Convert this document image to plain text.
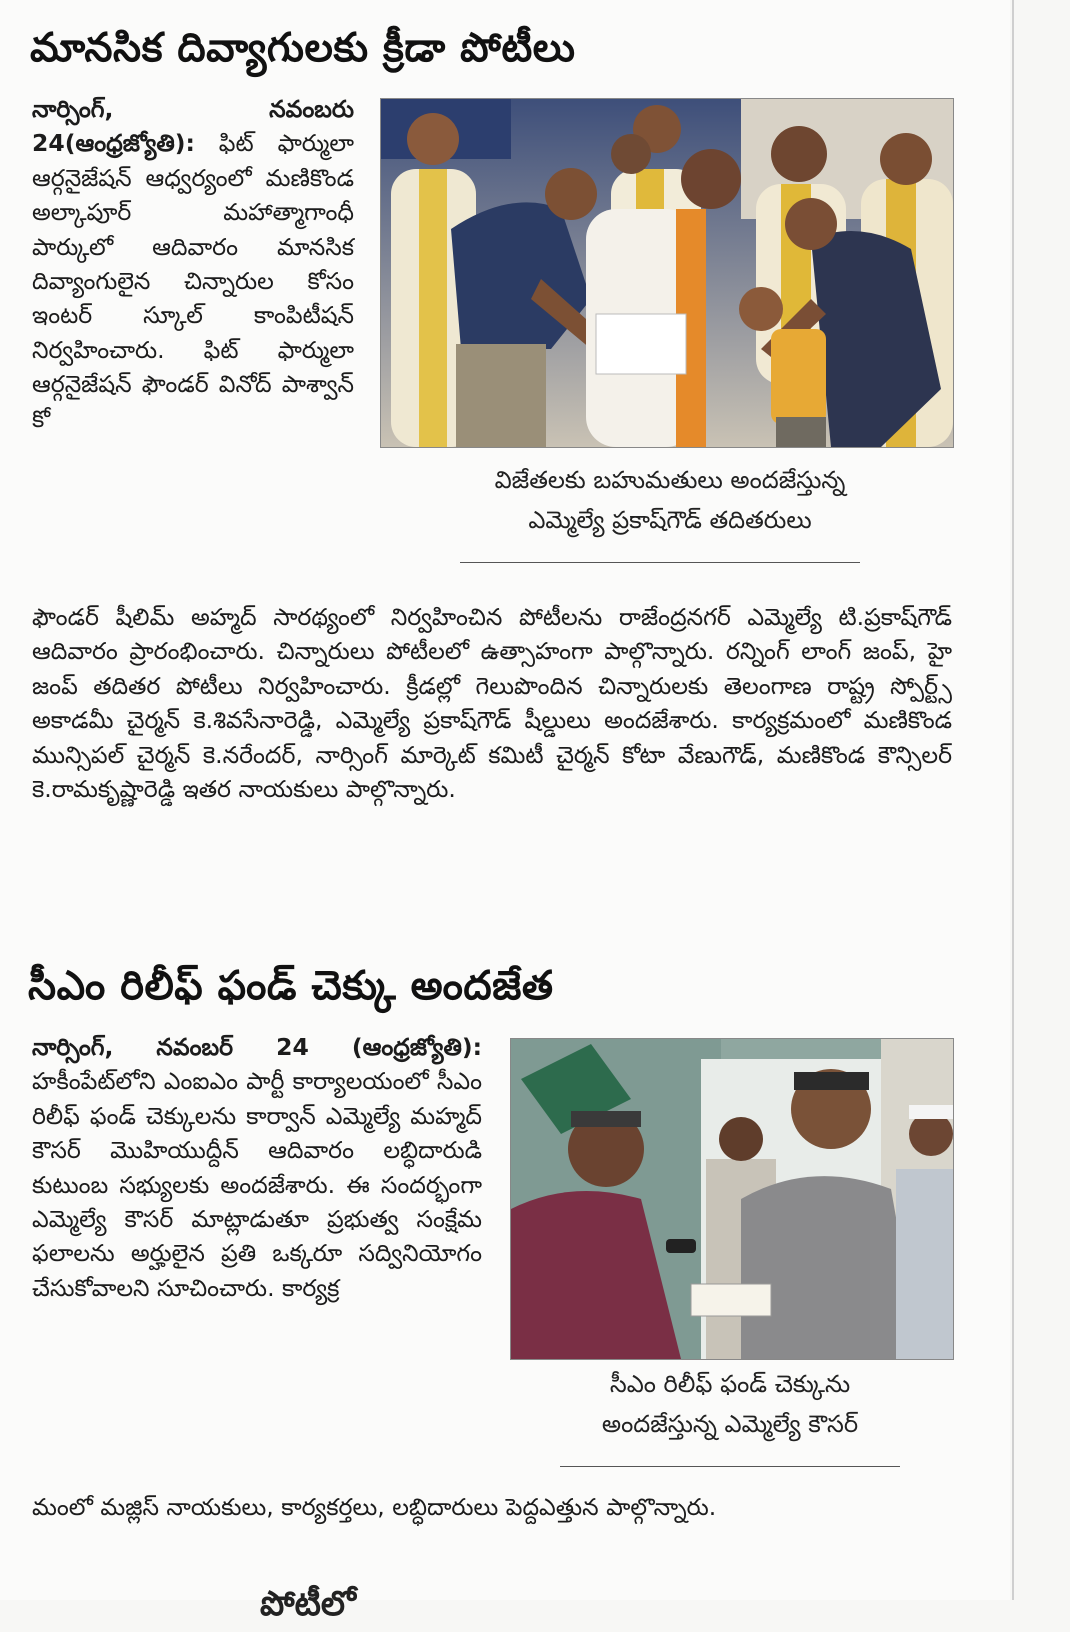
మానసిక దివ్యాగులకు క్రీడా పోటీలు
నార్సింగ్, నవంబరు 24(ఆంధ్రజ్యోతి): ఫిట్ ఫార్ములా ఆర్గనైజేషన్ ఆధ్వర్యంలో మణికొండ అల్కాపూర్ మహాత్మాగాంధీ పార్కులో ఆదివారం మానసిక దివ్యాంగులైన చిన్నారుల కోసం ఇంటర్ స్కూల్ కాంపిటీషన్ నిర్వహించారు. ఫిట్ ఫార్ములా ఆర్గనైజేషన్ ఫౌండర్ వినోద్ పాశ్వాన్ కో
విజేతలకు బహుమతులు అందజేస్తున్న
ఎమ్మెల్యే ప్రకాష్‌గౌడ్ తదితరులు
ఫౌండర్ షీలిమ్ అహ్మద్ సారథ్యంలో నిర్వహించిన పోటీలను రాజేంద్రనగర్ ఎమ్మెల్యే టి.ప్రకాష్‌గౌడ్ ఆదివారం ప్రారంభించారు. చిన్నారులు పోటీలలో ఉత్సాహంగా పాల్గొన్నారు. రన్నింగ్ లాంగ్ జంప్, హై జంప్ తదితర పోటీలు నిర్వహించారు. క్రీడల్లో గెలుపొందిన చిన్నారులకు తెలంగాణ రాష్ట్ర స్పోర్ట్స్ అకాడమీ చైర్మన్ కె.శివసేనారెడ్డి, ఎమ్మెల్యే ప్రకాష్‌గౌడ్ షీల్డులు అందజేశారు. కార్యక్రమంలో మణికొండ మున్సిపల్ చైర్మన్ కె.నరేందర్, నార్సింగ్ మార్కెట్ కమిటీ చైర్మన్ కోటా వేణుగౌడ్, మణికొండ కౌన్సిలర్ కె.రామకృష్ణారెడ్డి ఇతర నాయకులు పాల్గొన్నారు.
సీఎం రిలీఫ్ ఫండ్ చెక్కు అందజేత
నార్సింగ్, నవంబర్ 24 (ఆంధ్రజ్యోతి): హకీంపేట్‌లోని ఎంఐఎం పార్టీ కార్యాలయంలో సీఎం రిలీఫ్ ఫండ్ చెక్కులను కార్వాన్ ఎమ్మెల్యే మహ్మద్ కౌసర్ మొహియుద్దీన్ ఆదివారం లబ్ధిదారుడి కుటుంబ సభ్యులకు అందజేశారు. ఈ సందర్భంగా ఎమ్మెల్యే కౌసర్ మాట్లాడుతూ ప్రభుత్వ సంక్షేమ ఫలాలను అర్హులైన ప్రతి ఒక్కరూ సద్వినియోగం చేసుకోవాలని సూచించారు. కార్యక్ర
సీఎం రిలీఫ్ ఫండ్ చెక్కును
అందజేస్తున్న ఎమ్మెల్యే కౌసర్
మంలో మజ్లిస్ నాయకులు, కార్యకర్తలు, లబ్ధిదారులు పెద్దఎత్తున పాల్గొన్నారు.
పోటీలో
